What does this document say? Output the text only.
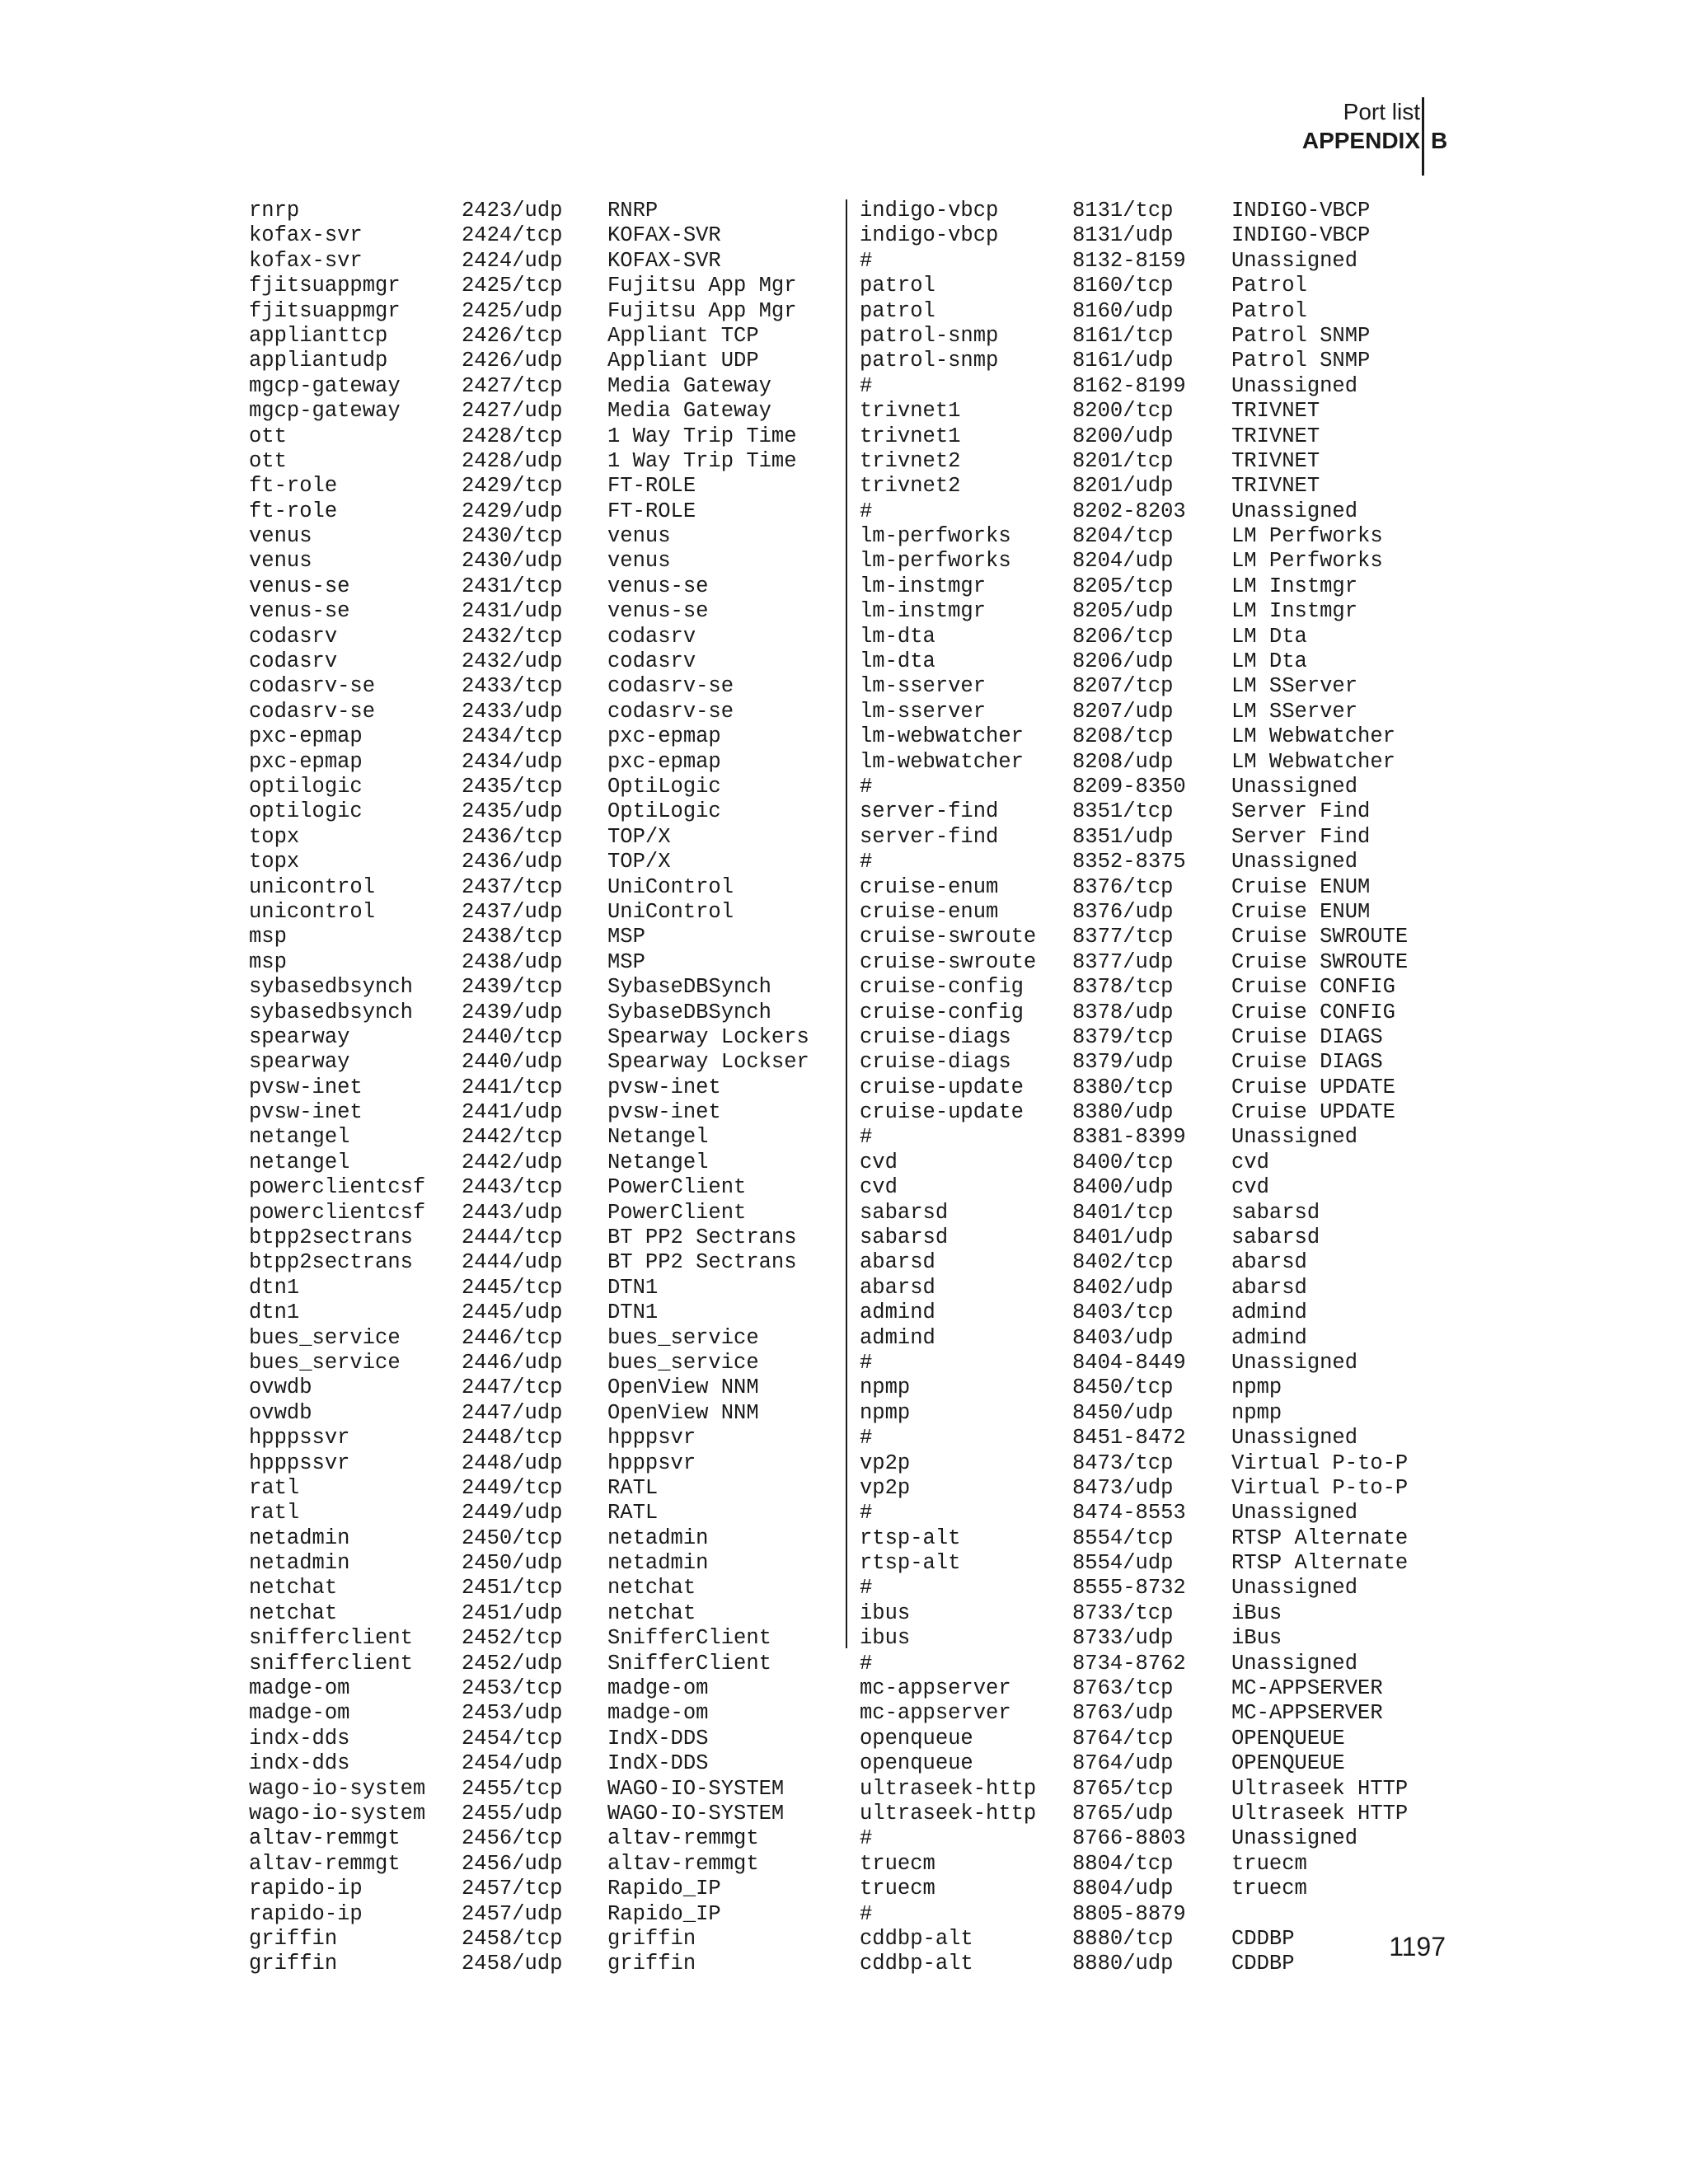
Port list
APPENDIX B
rnrp	2423/udp	RNRP
kofax-svr	2424/tcp	KOFAX-SVR
kofax-svr	2424/udp	KOFAX-SVR
fjitsuappmgr	2425/tcp	Fujitsu App Mgr
fjitsuappmgr	2425/udp	Fujitsu App Mgr
applianttcp	2426/tcp	Appliant TCP
appliantudp	2426/udp	Appliant UDP
mgcp-gateway	2427/tcp	Media Gateway
mgcp-gateway	2427/udp	Media Gateway
ott	2428/tcp	1 Way Trip Time
ott	2428/udp	1 Way Trip Time
ft-role	2429/tcp	FT-ROLE
ft-role	2429/udp	FT-ROLE
venus	2430/tcp	venus
venus	2430/udp	venus
venus-se	2431/tcp	venus-se
venus-se	2431/udp	venus-se
codasrv	2432/tcp	codasrv
codasrv	2432/udp	codasrv
codasrv-se	2433/tcp	codasrv-se
codasrv-se	2433/udp	codasrv-se
pxc-epmap	2434/tcp	pxc-epmap
pxc-epmap	2434/udp	pxc-epmap
optilogic	2435/tcp	OptiLogic
optilogic	2435/udp	OptiLogic
topx	2436/tcp	TOP/X
topx	2436/udp	TOP/X
unicontrol	2437/tcp	UniControl
unicontrol	2437/udp	UniControl
msp	2438/tcp	MSP
msp	2438/udp	MSP
sybasedbsynch	2439/tcp	SybaseDBSynch
sybasedbsynch	2439/udp	SybaseDBSynch
spearway	2440/tcp	Spearway Lockers
spearway	2440/udp	Spearway Lockser
pvsw-inet	2441/tcp	pvsw-inet
pvsw-inet	2441/udp	pvsw-inet
netangel	2442/tcp	Netangel
netangel	2442/udp	Netangel
powerclientcsf	2443/tcp	PowerClient
powerclientcsf	2443/udp	PowerClient
btpp2sectrans	2444/tcp	BT PP2 Sectrans
btpp2sectrans	2444/udp	BT PP2 Sectrans
dtn1	2445/tcp	DTN1
dtn1	2445/udp	DTN1
bues_service	2446/tcp	bues_service
bues_service	2446/udp	bues_service
ovwdb	2447/tcp	OpenView NNM
ovwdb	2447/udp	OpenView NNM
hpppssvr	2448/tcp	hpppsvr
hpppssvr	2448/udp	hpppsvr
ratl	2449/tcp	RATL
ratl	2449/udp	RATL
netadmin	2450/tcp	netadmin
netadmin	2450/udp	netadmin
netchat	2451/tcp	netchat
netchat	2451/udp	netchat
snifferclient	2452/tcp	SnifferClient
snifferclient	2452/udp	SnifferClient
madge-om	2453/tcp	madge-om
madge-om	2453/udp	madge-om
indx-dds	2454/tcp	IndX-DDS
indx-dds	2454/udp	IndX-DDS
wago-io-system	2455/tcp	WAGO-IO-SYSTEM
wago-io-system	2455/udp	WAGO-IO-SYSTEM
altav-remmgt	2456/tcp	altav-remmgt
altav-remmgt	2456/udp	altav-remmgt
rapido-ip	2457/tcp	Rapido_IP
rapido-ip	2457/udp	Rapido_IP
griffin	2458/tcp	griffin
griffin	2458/udp	griffin
indigo-vbcp	8131/tcp	INDIGO-VBCP
indigo-vbcp	8131/udp	INDIGO-VBCP
#	8132-8159	Unassigned
patrol	8160/tcp	Patrol
patrol	8160/udp	Patrol
patrol-snmp	8161/tcp	Patrol SNMP
patrol-snmp	8161/udp	Patrol SNMP
#	8162-8199	Unassigned
trivnet1	8200/tcp	TRIVNET
trivnet1	8200/udp	TRIVNET
trivnet2	8201/tcp	TRIVNET
trivnet2	8201/udp	TRIVNET
#	8202-8203	Unassigned
lm-perfworks	8204/tcp	LM Perfworks
lm-perfworks	8204/udp	LM Perfworks
lm-instmgr	8205/tcp	LM Instmgr
lm-instmgr	8205/udp	LM Instmgr
lm-dta	8206/tcp	LM Dta
lm-dta	8206/udp	LM Dta
lm-sserver	8207/tcp	LM SServer
lm-sserver	8207/udp	LM SServer
lm-webwatcher	8208/tcp	LM Webwatcher
lm-webwatcher	8208/udp	LM Webwatcher
#	8209-8350	Unassigned
server-find	8351/tcp	Server Find
server-find	8351/udp	Server Find
#	8352-8375	Unassigned
cruise-enum	8376/tcp	Cruise ENUM
cruise-enum	8376/udp	Cruise ENUM
cruise-swroute	8377/tcp	Cruise SWROUTE
cruise-swroute	8377/udp	Cruise SWROUTE
cruise-config	8378/tcp	Cruise CONFIG
cruise-config	8378/udp	Cruise CONFIG
cruise-diags	8379/tcp	Cruise DIAGS
cruise-diags	8379/udp	Cruise DIAGS
cruise-update	8380/tcp	Cruise UPDATE
cruise-update	8380/udp	Cruise UPDATE
#	8381-8399	Unassigned
cvd	8400/tcp	cvd
cvd	8400/udp	cvd
sabarsd	8401/tcp	sabarsd
sabarsd	8401/udp	sabarsd
abarsd	8402/tcp	abarsd
abarsd	8402/udp	abarsd
admind	8403/tcp	admind
admind	8403/udp	admind
#	8404-8449	Unassigned
npmp	8450/tcp	npmp
npmp	8450/udp	npmp
#	8451-8472	Unassigned
vp2p	8473/tcp	Virtual P-to-P
vp2p	8473/udp	Virtual P-to-P
#	8474-8553	Unassigned
rtsp-alt	8554/tcp	RTSP Alternate
rtsp-alt	8554/udp	RTSP Alternate
#	8555-8732	Unassigned
ibus	8733/tcp	iBus
ibus	8733/udp	iBus
#	8734-8762	Unassigned
mc-appserver	8763/tcp	MC-APPSERVER
mc-appserver	8763/udp	MC-APPSERVER
openqueue	8764/tcp	OPENQUEUE
openqueue	8764/udp	OPENQUEUE
ultraseek-http	8765/tcp	Ultraseek HTTP
ultraseek-http	8765/udp	Ultraseek HTTP
#	8766-8803	Unassigned
truecm	8804/tcp	truecm
truecm	8804/udp	truecm
#	8805-8879
cddbp-alt	8880/tcp	CDDBP
cddbp-alt	8880/udp	CDDBP
1197
